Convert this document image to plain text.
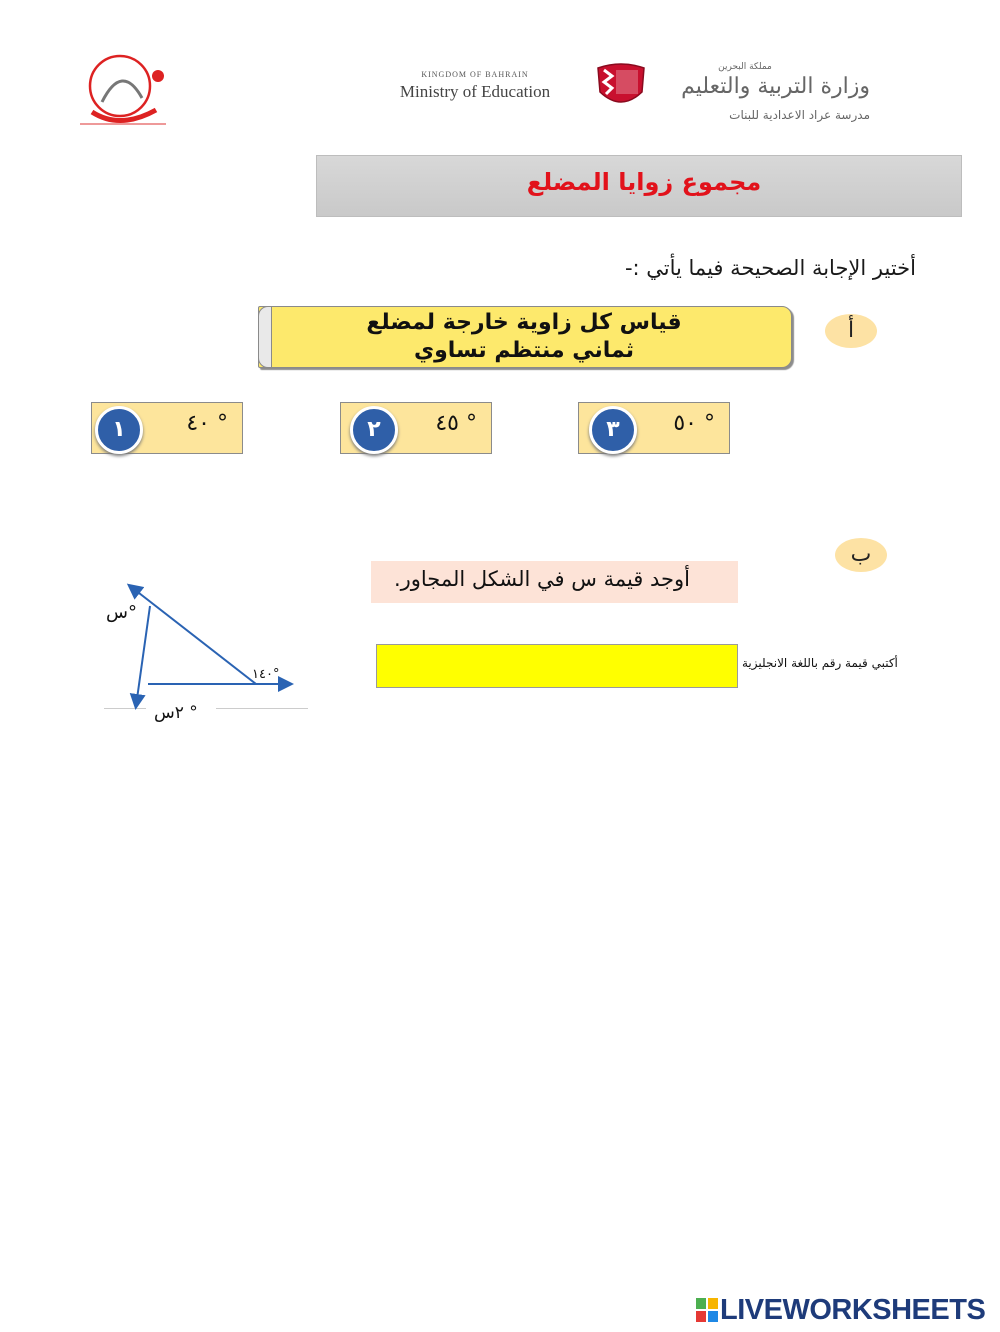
KINGDOM OF BAHRAIN
Ministry of Education
مملكة البحرين
وزارة التربية والتعليم
مدرسة عراد الاعدادية للبنات
مجموع زوايا المضلع
أختير الإجابة الصحيحة فيما يأتي :-
قياس كل زاوية خارجة لمضلع
ثماني منتظم تساوي
أ
° ٤٠	° ٤٥	° ٥٠
١	٢	٣
ب
أوجد قيمة س في الشكل المجاور.
أكتبي قيمة رقم باللغة الانجليزية
س°
١٤٠°
٢س °
LIVEWORKSHEETS
